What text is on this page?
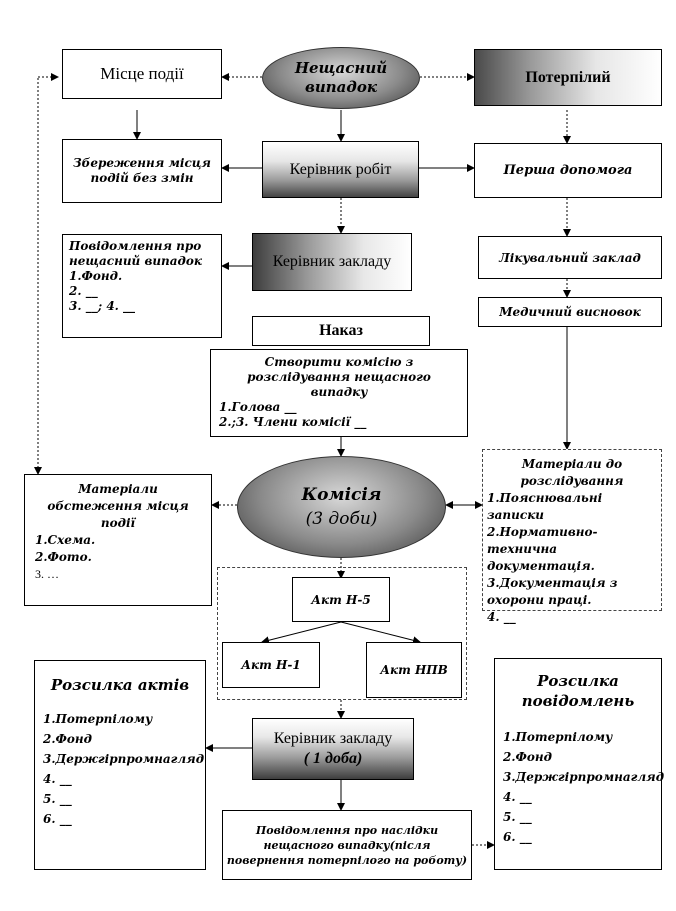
Нещасний
випадок
Місце події	Потерпілий
Збереження місця
подій без змін
Керівник робіт	Перша допомога
Повідомлення про
нещасний випадок
1.Фонд.
2. __
3. __; 4. __
Керівник закладу	Лікувальний заклад
Медичний висновок
Наказ
Створити комісію з
розслідування нещасного випадку
1.Голова __
2.;3. Члени комісії __
Матеріали
обстеження місця
події
1.Схема.
2.Фото.
3. …
Комісія
(3 доби)
Матеріали до
розслідування
1.Пояснювальні записки
2.Нормативно-технична
документація.
3.Документація з
охорони праці.
4. __
Акт Н-5
Акт Н-1	Акт НПВ
Розсилка актів
1.Потерпілому
2.Фонд
3.Держгірпромнагляд
4. __
5. __
6. __
Керівник закладу
( 1 доба)
Розсилка
повідомлень
1.Потерпілому
2.Фонд
3.Держгірпромнагляд
4. __
5. __
6. __
Повідомлення про наслідки
нещасного випадку(після
повернення потерпілого на роботу)
